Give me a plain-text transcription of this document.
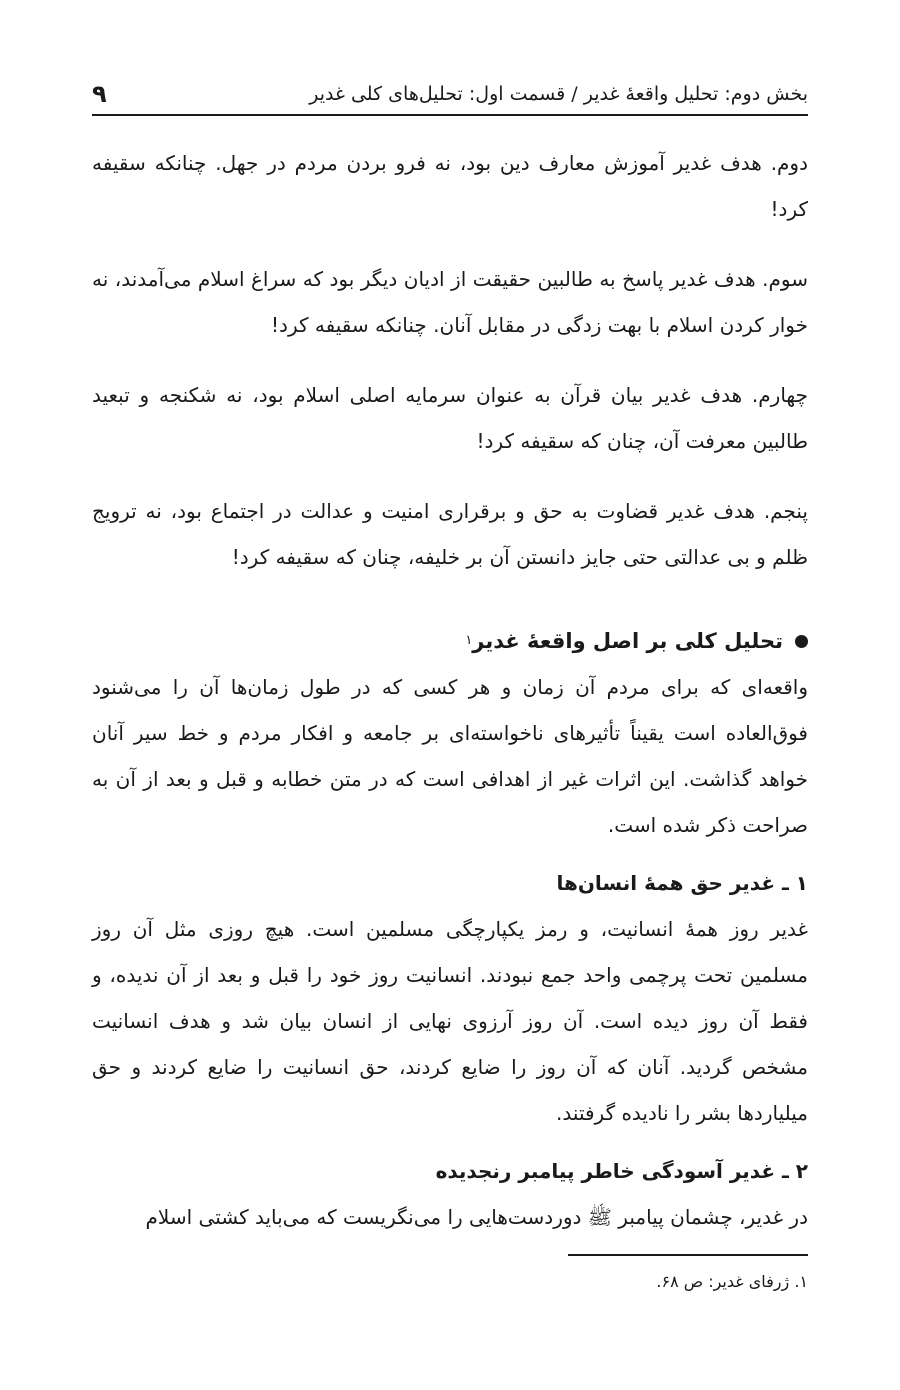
بخش دوم: تحلیل واقعهٔ غدیر / قسمت اول: تحلیل‌های کلی غدیر
۹

دوم. هدف غدیر آموزش معارف دین بود، نه فرو بردن مردم در جهل. چنانکه سقیفه کرد!

سوم. هدف غدیر پاسخ به طالبین حقیقت از ادیان دیگر بود که سراغ اسلام می‌آمدند، نه خوار کردن اسلام با بهت زدگی در مقابل آنان. چنانکه سقیفه کرد!

چهارم. هدف غدیر بیان قرآن به عنوان سرمایه اصلی اسلام بود، نه شکنجه و تبعید طالبین معرفت آن، چنان که سقیفه کرد!

پنجم. هدف غدیر قضاوت به حق و برقراری امنیت و عدالت در اجتماع بود، نه ترویج ظلم و بی عدالتی حتی جایز دانستن آن بر خلیفه، چنان که سقیفه کرد!

تحلیل کلی بر اصل واقعهٔ غدیر
۱

واقعه‌ای که برای مردم آن زمان و هر کسی که در طول زمان‌ها آن را می‌شنود فوق‌العاده است یقیناً تأثیرهای ناخواسته‌ای بر جامعه و افکار مردم و خط سیر آنان خواهد گذاشت. این اثرات غیر از اهدافی است که در متن خطابه و قبل و بعد از آن به صراحت ذکر شده است.

۱ ـ غدیر حق همهٔ انسان‌ها

غدیر روز همهٔ انسانیت، و رمز یکپارچگی مسلمین است. هیچ روزی مثل آن روز مسلمین تحت پرچمی واحد جمع نبودند. انسانیت روز خود را قبل و بعد از آن ندیده، و فقط آن روز دیده است. آن روز آرزوی نهایی از انسان بیان شد و هدف انسانیت مشخص گردید. آنان که آن روز را ضایع کردند، حق انسانیت را ضایع کردند و حق میلیاردها بشر را نادیده گرفتند.

۲ ـ غدیر آسودگی خاطر پیامبر رنجدیده

در غدیر، چشمان پیامبر ﷺ دوردست‌هایی را می‌نگریست که می‌باید کشتی اسلام

۱. ژرفای غدیر: ص ۶۸.
